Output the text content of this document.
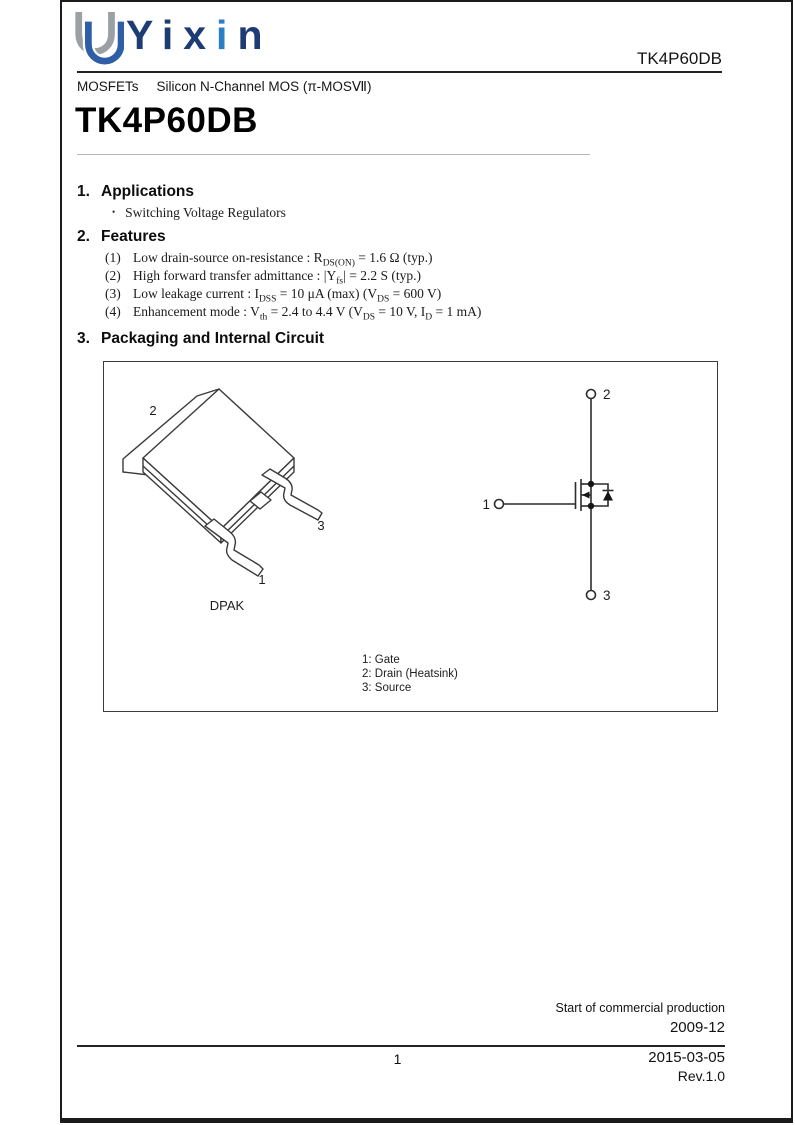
Yixin
TK4P60DB
MOSFETs Silicon N-Channel MOS (π-MOSⅦ)
TK4P60DB
1. Applications
• Switching Voltage Regulators
2. Features
(1) Low drain-source on-resistance : $R_{DS(ON)} = 1.6$ Ω (typ.)
(2) High forward transfer admittance : $|Y_{fs}| = 2.2$ S (typ.)
(3) Low leakage current : $I_{DSS} = 10$ μA (max) ($V_{DS} = 600$ V)
(4) Enhancement mode : $V_{th} = 2.4$ to 4.4 V ($V_{DS} = 10$ V, $I_D = 1$ mA)
3. Packaging and Internal Circuit
2
3
1
DPAK
2
3
1
1: Gate
2: Drain (Heatsink)
3: Source
Start of commercial production
2009-12
1	2015-03-05
Rev.1.0
